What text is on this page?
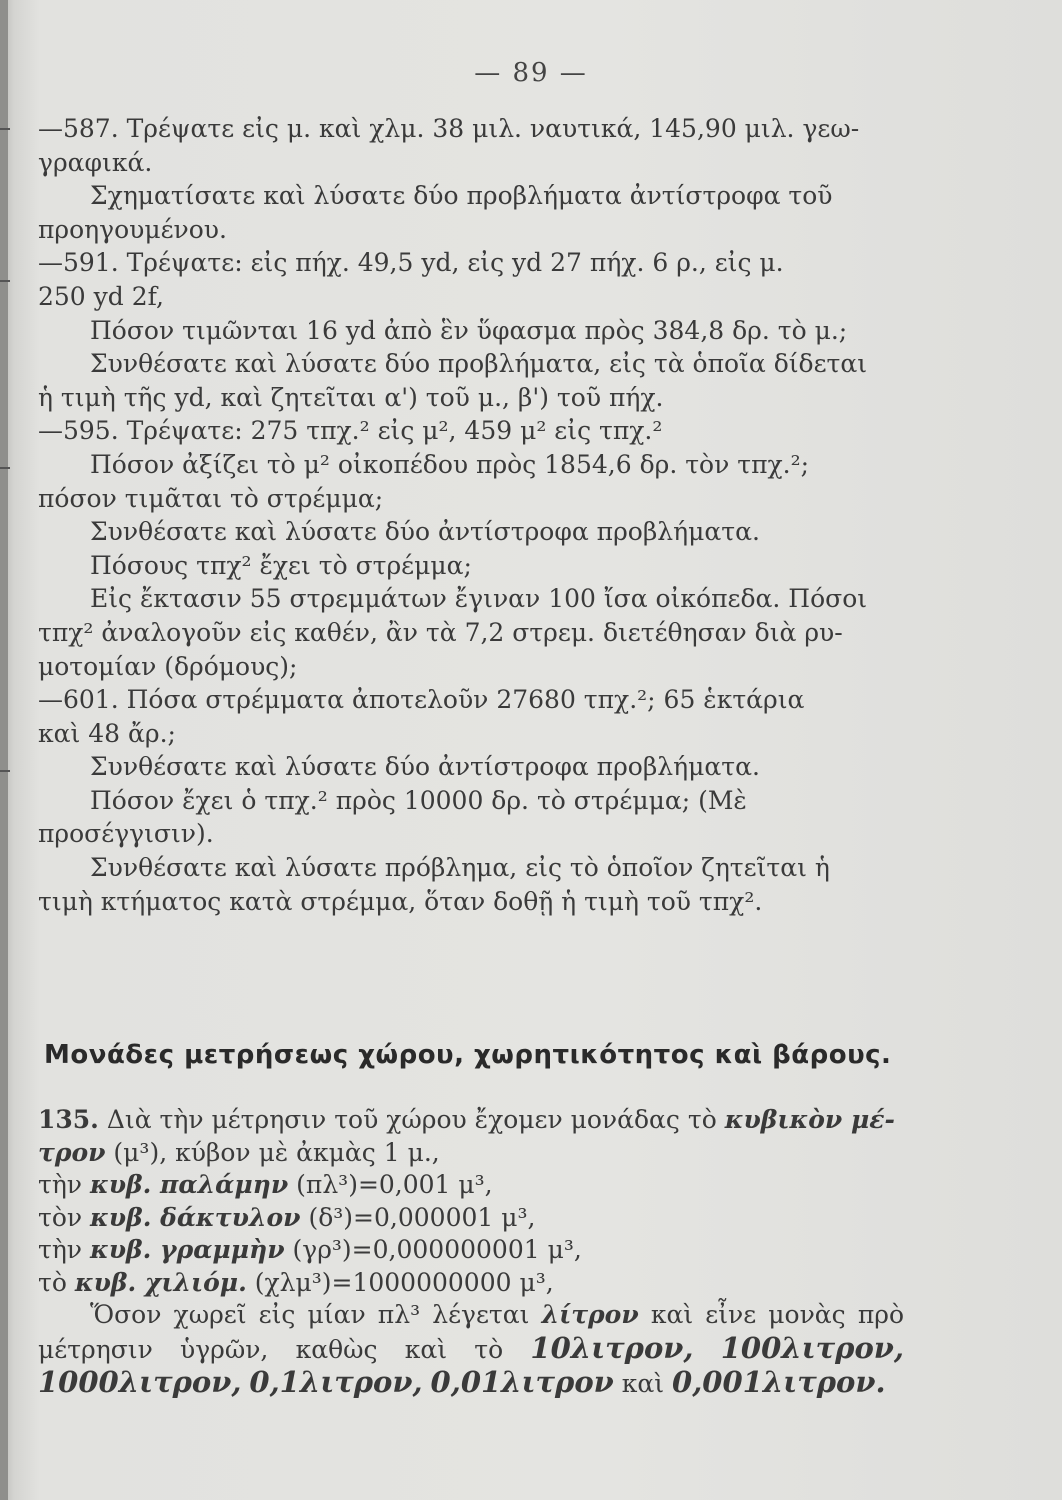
— 89 —

—587. Τρέψατε εἰς μ. καὶ χλμ. 38 μιλ. ναυτικά, 145,90 μιλ. γεω-
γραφικά.

Σχηματίσατε καὶ λύσατε δύο προβλήματα ἀντίστροφα τοῦ
προηγουμένου.

—591. Τρέψατε: εἰς πήχ. 49,5 yd, εἰς yd 27 πήχ. 6 ρ., εἰς μ.
250 yd 2f,

Πόσον τιμῶνται 16 yd ἀπὸ ἓν ὕφασμα πρὸς 384,8 δρ. τὸ μ.;

Συνθέσατε καὶ λύσατε δύο προβλήματα, εἰς τὰ ὁποῖα δίδεται
ἡ τιμὴ τῆς yd, καὶ ζητεῖται α') τοῦ μ., β') τοῦ πήχ.

—595. Τρέψατε: 275 τπχ.² εἰς μ², 459 μ² εἰς τπχ.²

Πόσον ἀξίζει τὸ μ² οἰκοπέδου πρὸς 1854,6 δρ. τὸν τπχ.²;
πόσον τιμᾶται τὸ στρέμμα;

Συνθέσατε καὶ λύσατε δύο ἀντίστροφα προβλήματα.

Πόσους τπχ² ἔχει τὸ στρέμμα;

Εἰς ἔκτασιν 55 στρεμμάτων ἔγιναν 100 ἴσα οἰκόπεδα. Πόσοι
τπχ² ἀναλογοῦν εἰς καθέν, ἂν τὰ 7,2 στρεμ. διετέθησαν διὰ ρυ-
μοτομίαν (δρόμους);

—601. Πόσα στρέμματα ἀποτελοῦν 27680 τπχ.²; 65 ἑκτάρια
καὶ 48 ἄρ.;

Συνθέσατε καὶ λύσατε δύο ἀντίστροφα προβλήματα.

Πόσον ἔχει ὁ τπχ.² πρὸς 10000 δρ. τὸ στρέμμα; (Μὲ
προσέγγισιν).

Συνθέσατε καὶ λύσατε πρόβλημα, εἰς τὸ ὁποῖον ζητεῖται ἡ
τιμὴ κτήματος κατὰ στρέμμα, ὅταν δοθῇ ἡ τιμὴ τοῦ τπχ².

Μονάδες μετρήσεως χώρου, χωρητικότητος καὶ βάρους.

135. Διὰ τὴν μέτρησιν τοῦ χώρου ἔχομεν μονάδας τὸ κυβικὸν μέ-
τρον (μ³), κύβον μὲ ἀκμὰς 1 μ.,

τὴν κυβ. παλάμην (πλ³)=0,001 μ³,

τὸν κυβ. δάκτυλον (δ³)=0,000001 μ³,

τὴν κυβ. γραμμὴν (γρ³)=0,000000001 μ³,

τὸ κυβ. χιλιόμ. (χλμ³)=1000000000 μ³,

Ὅσον χωρεῖ εἰς μίαν πλ³ λέγεται λίτρον καὶ εἶνε μονὰς πρὸ μέτρησιν ὑγρῶν, καθὼς καὶ τὸ 10λιτρον, 100λιτρον, 1000λιτρον, 0,1λιτρον, 0,01λιτρον καὶ 0,001λιτρον.
